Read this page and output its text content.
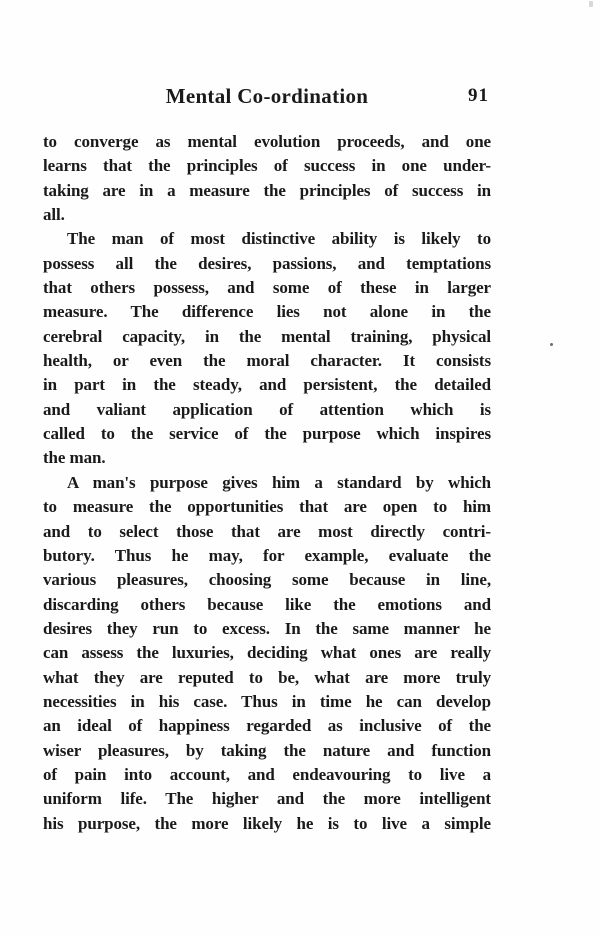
Mental Co-ordination	91
to converge as mental evolution proceeds, and one
learns that the principles of success in one under-
taking are in a measure the principles of success in
all.
The man of most distinctive ability is likely to
possess all the desires, passions, and temptations
that others possess, and some of these in larger
measure. The difference lies not alone in the
cerebral capacity, in the mental training, physical
health, or even the moral character. It consists
in part in the steady, and persistent, the detailed
and valiant application of attention which is
called to the service of the purpose which inspires
the man.
A man's purpose gives him a standard by which
to measure the opportunities that are open to him
and to select those that are most directly contri-
butory. Thus he may, for example, evaluate the
various pleasures, choosing some because in line,
discarding others because like the emotions and
desires they run to excess. In the same manner he
can assess the luxuries, deciding what ones are really
what they are reputed to be, what are more truly
necessities in his case. Thus in time he can develop
an ideal of happiness regarded as inclusive of the
wiser pleasures, by taking the nature and function
of pain into account, and endeavouring to live a
uniform life. The higher and the more intelligent
his purpose, the more likely he is to live a simple
